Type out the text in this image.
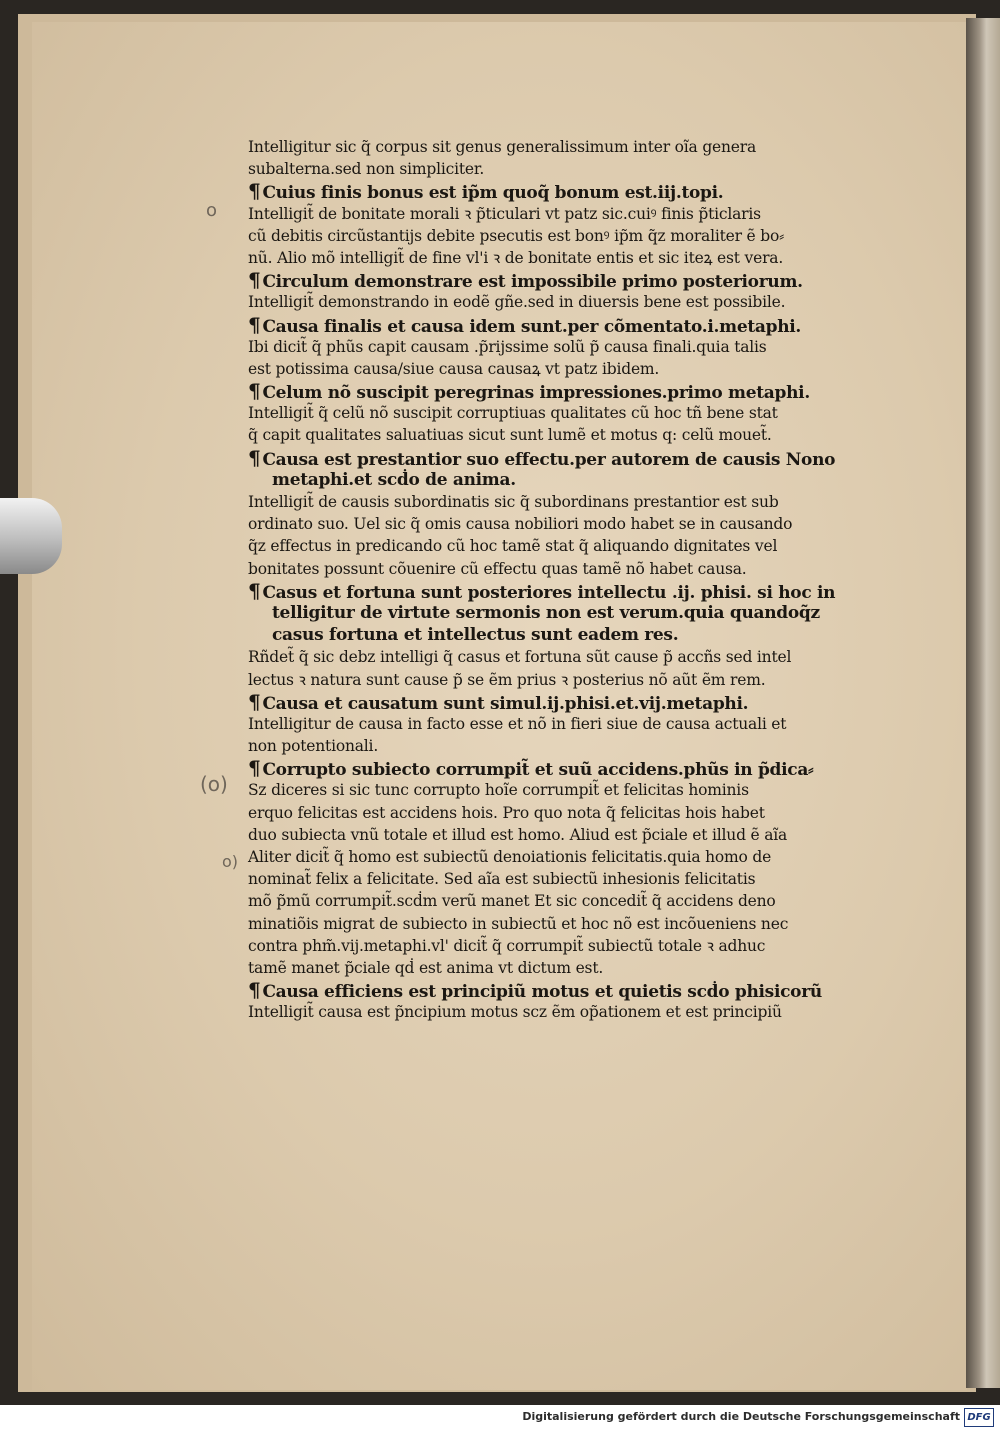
o
(o)
o)
Intelligitur sic q̃ corpus sit genus generalissimum inter oĩa genera
subalterna.sed non simpliciter.
¶ Cuius finis bonus est ip̃m quoq̃ bonum est.iij.topi.
Intelligit̃ de bonitate morali ꝛ p̃ticulari vt patz sic.cuiꝰ finis p̃ticlaris
cũ debitis circũstantijs debite psecutis est bonꝰ ip̃m q̃z moraliter ẽ bo⸗
nũ. Alio mõ intelligit̃ de fine vl'i ꝛ de bonitate entis et sic iteꝝ est vera.
¶ Circulum demonstrare est impossibile primo posteriorum.
Intelligit̃ demonstrando in eodẽ gñe.sed in diuersis bene est possibile.
¶ Causa finalis et causa idem sunt.per cõmentato.i.metaphi.
Ibi dicit̃ q̃ phũs capit causam .p̃rijssime solũ p̃ causa finali.quia talis
est potissima causa/siue causa causaꝝ vt patz ibidem.
¶ Celum nõ suscipit peregrinas impressiones.primo metaphi.
Intelligit̃ q̃ celũ nõ suscipit corruptiuas qualitates cũ hoc tñ bene stat
q̃ capit qualitates saluatiuas sicut sunt lumẽ et motus q: celũ mouet̃.
¶ Causa est prestantior suo effectu.per autorem de causis Nono
metaphi.et scḋo de anima.
Intelligit̃ de causis subordinatis sic q̃ subordinans prestantior est sub
ordinato suo. Uel sic q̃ omis causa nobiliori modo habet se in causando
q̃z effectus in predicando cũ hoc tamẽ stat q̃ aliquando dignitates vel
bonitates possunt cõuenire cũ effectu quas tamẽ nõ habet causa.
¶ Casus et fortuna sunt posteriores intellectu .ij. phisi. si hoc in
telligitur de virtute sermonis non est verum.quia quandoq̃z
casus fortuna et intellectus sunt eadem res.
Rñdet̃ q̃ sic debz intelligi q̃ casus et fortuna sũt cause p̃ accñs sed intel
lectus ꝛ natura sunt cause p̃ se ẽm prius ꝛ posterius nõ aũt ẽm rem.
¶ Causa et causatum sunt simul.ij.phisi.et.vij.metaphi.
Intelligitur de causa in facto esse et nõ in fieri siue de causa actuali et
non potentionali.
¶ Corrupto subiecto corrumpit̃ et suũ accidens.phũs in p̃dica⸗
Sz diceres si sic tunc corrupto hoĩe corrumpit̃ et felicitas hominis
erquo felicitas est accidens hois. Pro quo nota q̃ felicitas hois habet
duo subiecta vnũ totale et illud est homo. Aliud est p̃ciale et illud ẽ aĩa
Aliter dicit̃ q̃ homo est subiectũ denoiationis felicitatis.quia homo de
nominat̃ felix a felicitate. Sed aĩa est subiectũ inhesionis felicitatis
mõ p̃mũ corrumpit̃.scḋm verũ manet Et sic concedit̃ q̃ accidens deno
minatiõis migrat de subiecto in subiectũ et hoc nõ est incõueniens nec
contra phm̃.vij.metaphi.vl' dicit̃ q̃ corrumpit̃ subiectũ totale ꝛ adhuc
tamẽ manet p̃ciale qḋ est anima vt dictum est.
¶ Causa efficiens est principiũ motus et quietis scḋo phisicorũ
Intelligit̃ causa est p̃ncipium motus scz ẽm op̃ationem et est principiũ
Digitalisierung gefördert durch die Deutsche Forschungsgemeinschaft DFG
